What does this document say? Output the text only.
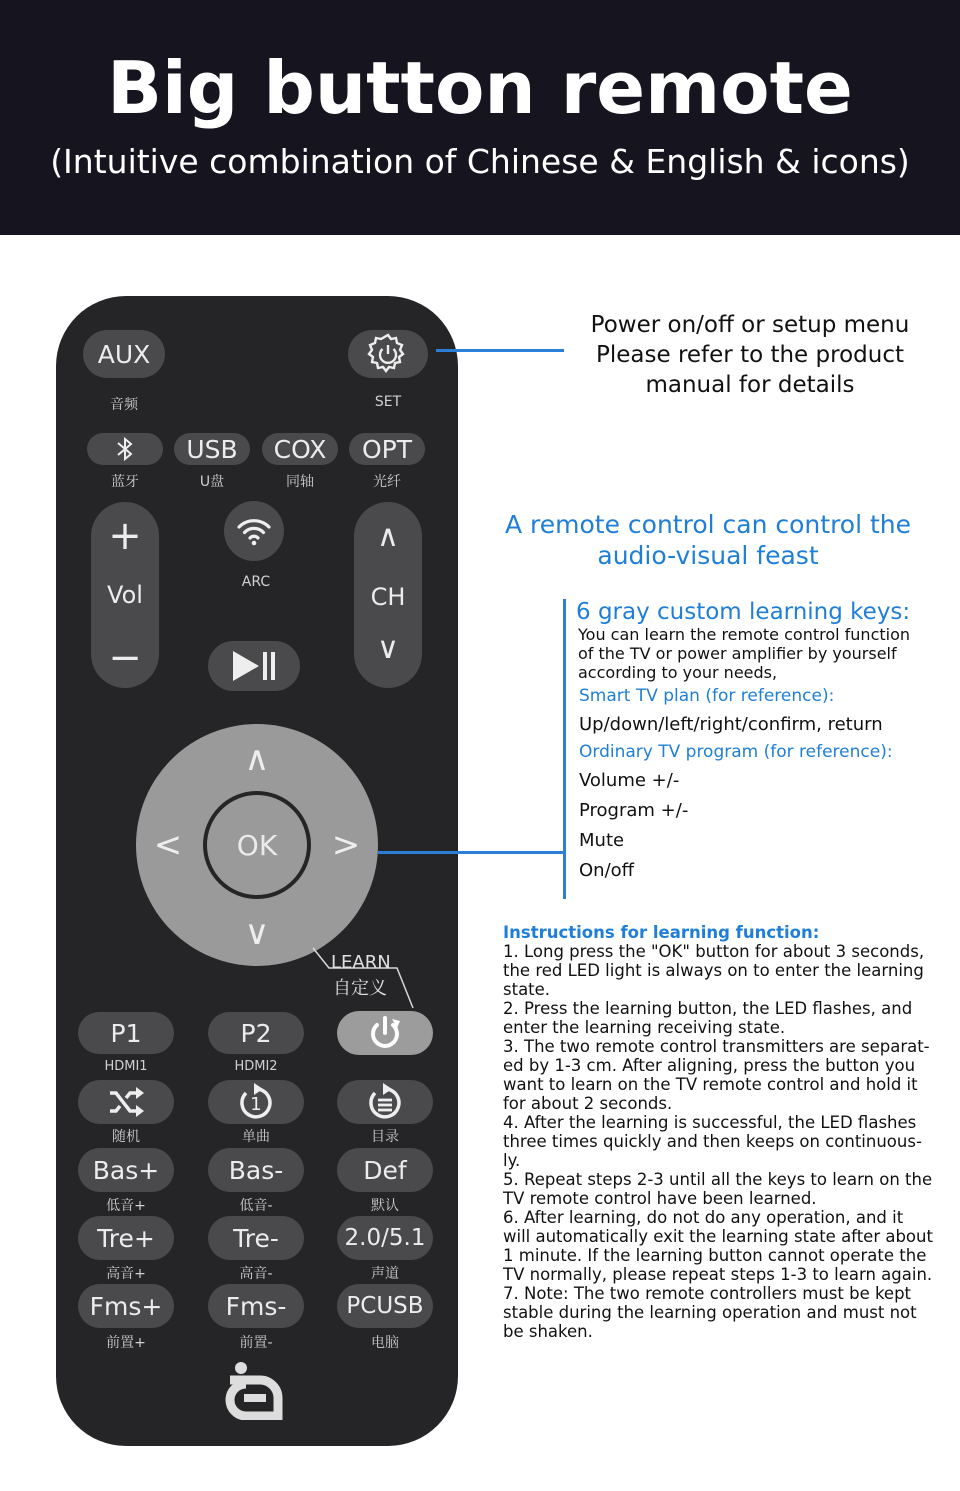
Big button remote
(Intuitive combination of Chinese & English & icons)
AUX
音频	SET
蓝牙
USB
U盘
COX
同轴
OPT
光纤
+
Vol
−
ARC
∧
CH
∨
∧
∨
<	>
OK
LEARN
自定义
P1
HDMI1
P2
HDMI2
随机
1
单曲	目录
Bas+
低音+
Bas-
低音-
Def
默认
Tre+
高音+
Tre-
高音-
2.0/5.1
声道
Fms+
前置+
Fms-
前置-
PCUSB
电脑
Power on/off or setup menu
Please refer to the product
manual for details
A remote control can control the
audio-visual feast
6 gray custom learning keys:
You can learn the remote control function
of the TV or power amplifier by yourself
according to your needs,
Smart TV plan (for reference):
Up/down/left/right/confirm, return
Ordinary TV program (for reference):
Volume +/-
Program +/-
Mute
On/off
Instructions for learning function:
1. Long press the "OK" button for about 3 seconds,
the red LED light is always on to enter the learning
state.
2. Press the learning button, the LED flashes, and
enter the learning receiving state.
3. The two remote control transmitters are separat-
ed by 1-3 cm. After aligning, press the button you
want to learn on the TV remote control and hold it
for about 2 seconds.
4. After the learning is successful, the LED flashes
three times quickly and then keeps on continuous-
ly.
5. Repeat steps 2-3 until all the keys to learn on the
TV remote control have been learned.
6. After learning, do not do any operation, and it
will automatically exit the learning state after about
1 minute. If the learning button cannot operate the
TV normally, please repeat steps 1-3 to learn again.
7. Note: The two remote controllers must be kept
stable during the learning operation and must not
be shaken.
